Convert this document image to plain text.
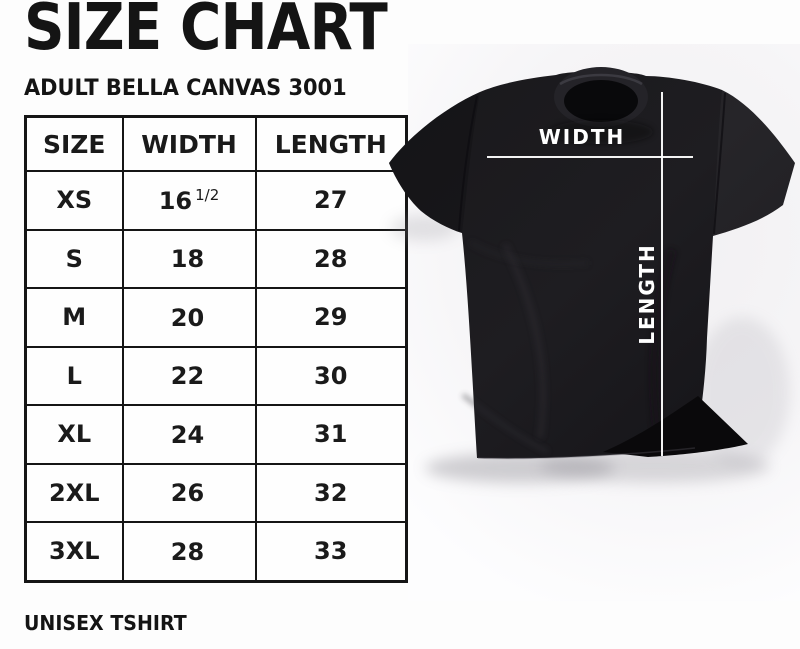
SIZE CHART
ADULT BELLA CANVAS 3001
SIZE	WIDTH	LENGTH
XS	16 $^{1/2}$	27
S	18	28
M	20	29
L	22	30
XL	24	31
2XL	26	32
3XL	28	33
UNISEX TSHIRT
WIDTH
LENGTH
